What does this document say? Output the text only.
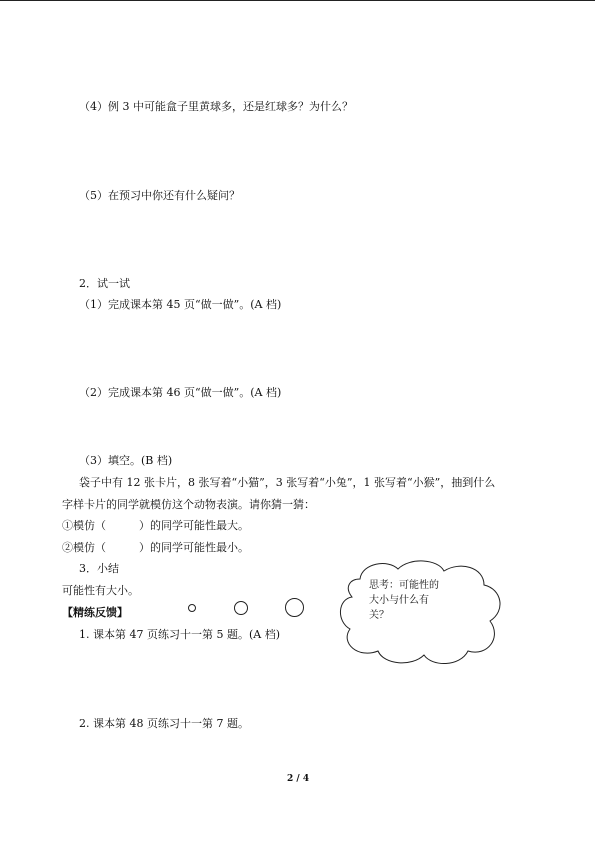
（4）例 3 中可能盒子里黄球多，还是红球多？为什么？
（5）在预习中你还有什么疑问？
2．试一试
（1）完成课本第 45 页“做一做”。(A 档)
（2）完成课本第 46 页“做一做”。(A 档)
（3）填空。(B 档)
袋子中有 12 张卡片，8 张写着“小猫”，3 张写着“小兔”，1 张写着“小猴”，抽到什么
字样卡片的同学就模仿这个动物表演。请你猜一猜：
①模仿（　　　）的同学可能性最大。
②模仿（　　　）的同学可能性最小。
3．小结
可能性有大小。
【精练反馈】
1. 课本第 47 页练习十一第 5 题。(A 档)
2. 课本第 48 页练习十一第 7 题。
思考：可能性的
大小与什么有
关？
2 / 4
